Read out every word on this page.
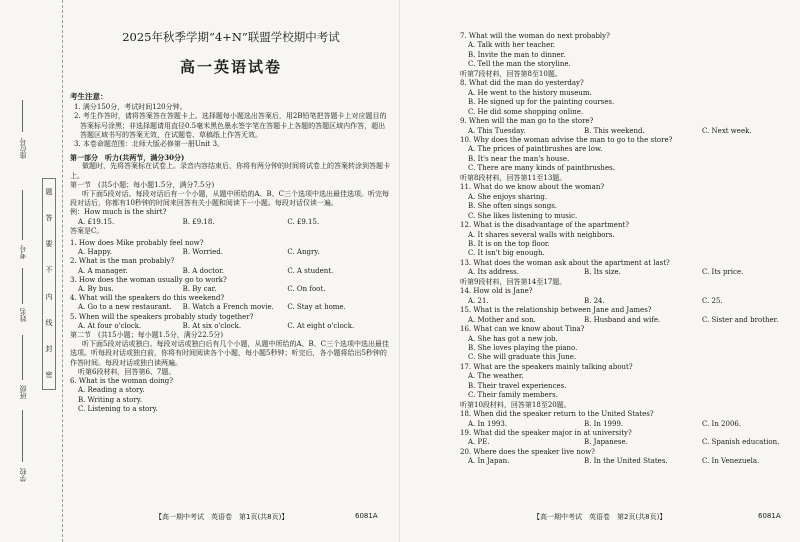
座位号
考号
姓名
班级
学校
题
答
要
不
内
线
封
密
2025年秋季学期“4+N”联盟学校期中考试
高一英语试卷
考生注意：

1. 满分150分，考试时间120分钟。

2. 考生作答时，请将答案答在答题卡上。选择题每小题选出答案后，用2B铅笔把答题卡上对应题目的答案标号涂黑；非选择题请用直径0.5毫米黑色墨水签字笔在答题卡上各题的答题区域内作答，超出答题区域书写的答案无效，在试题卷、草稿纸上作答无效。

3. 本卷命题范围：北师大版必修第一册Unit 3。

第一部分　听力(共两节，满分30分)

做题时，先将答案标在试卷上。录音内容结束后，你将有两分钟的时间将试卷上的答案转涂到答题卡上。

第一节　(共5小题；每小题1.5分，满分7.5分)

听下面5段对话。每段对话后有一个小题，从题中所给的A、B、C三个选项中选出最佳选项。听完每段对话后，你都有10秒钟的时间来回答有关小题和阅读下一小题。每段对话仅读一遍。

例：How much is the shirt?
A. £19.15.	B. £9.18.	C. £9.15.
答案是C。
1. How does Mike probably feel now?
A. Happy.	B. Worried.	C. Angry.
2. What is the man probably?
A. A manager.	B. A doctor.	C. A student.
3. How does the woman usually go to work?
A. By bus.	B. By car.	C. On foot.
4. What will the speakers do this weekend?
A. Go to a new restaurant.	B. Watch a French movie.	C. Stay at home.
5. When will the speakers probably study together?
A. At four o'clock.	B. At six o'clock.	C. At eight o'clock.
第二节　(共15小题；每小题1.5分，满分22.5分)

听下面5段对话或独白。每段对话或独白后有几个小题，从题中所给的A、B、C三个选项中选出最佳选项。听每段对话或独白前，你将有时间阅读各个小题，每小题5秒钟；听完后，各小题将给出5秒钟的作答时间。每段对话或独白读两遍。

听第6段材料，回答第6、7题。
6. What is the woman doing?
A. Reading a story.
B. Writing a story.
C. Listening to a story.
【高一期中考试　英语卷　第1页(共8页)】	6081A	【高一期中考试　英语卷　第2页(共8页)】	6081A
7. What will the woman do next probably?
A. Talk with her teacher.
B. Invite the man to dinner.
C. Tell the man the storyline.
听第7段材料，回答第8至10题。
8. What did the man do yesterday?
A. He went to the history museum.
B. He signed up for the painting courses.
C. He did some shopping online.
9. When will the man go to the store?
A. This Tuesday.	B. This weekend.	C. Next week.
10. Why does the woman advise the man to go to the store?
A. The prices of paintbrushes are low.
B. It's near the man's house.
C. There are many kinds of paintbrushes.
听第8段材料，回答第11至13题。
11. What do we know about the woman?
A. She enjoys sharing.
B. She often sings songs.
C. She likes listening to music.
12. What is the disadvantage of the apartment?
A. It shares several walls with neighbors.
B. It is on the top floor.
C. It isn't big enough.
13. What does the woman ask about the apartment at last?
A. Its address.	B. Its size.	C. Its price.
听第9段材料，回答第14至17题。
14. How old is Jane?
A. 21.	B. 24.	C. 25.
15. What is the relationship between Jane and James?
A. Mother and son.	B. Husband and wife.	C. Sister and brother.
16. What can we know about Tina?
A. She has got a new job.
B. She loves playing the piano.
C. She will graduate this June.
17. What are the speakers mainly talking about?
A. The weather.
B. Their travel experiences.
C. Their family members.
听第10段材料，回答第18至20题。
18. When did the speaker return to the United States?
A. In 1993.	B. In 1999.	C. In 2006.
19. What did the speaker major in at university?
A. PE.	B. Japanese.	C. Spanish education.
20. Where does the speaker live now?
A. In Japan.	B. In the United States.	C. In Venezuela.
